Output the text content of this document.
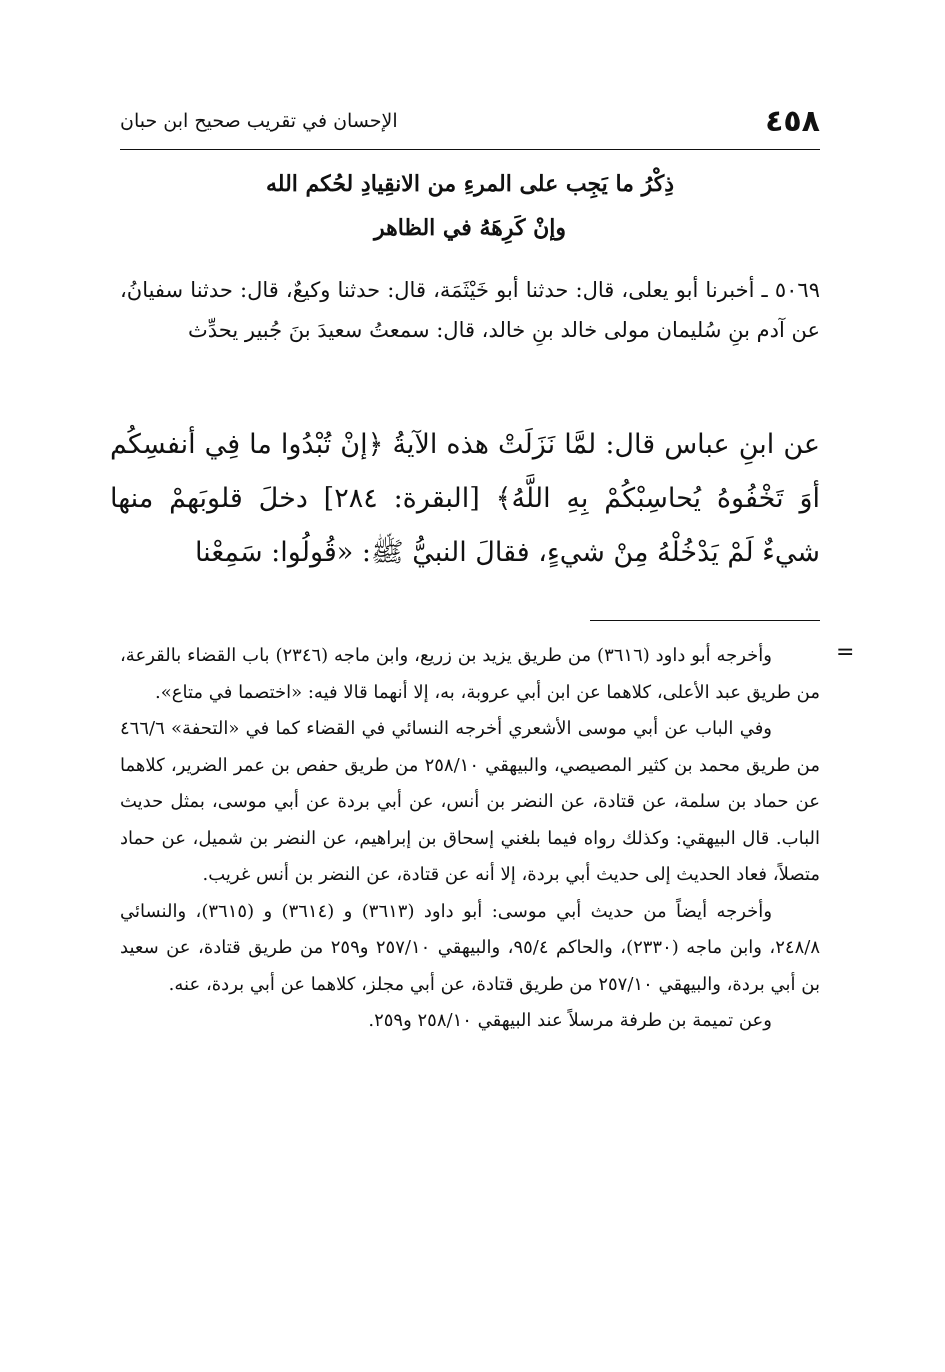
٤٥٨
الإحسان في تقريب صحيح ابن حبان
ذِكْرُ ما يَجِب على المرءِ من الانقِيادِ لحُكم الله
وإنْ كَرِهَهُ في الظاهر
٥٠٦٩ ـ أخبرنا أبو يعلى، قال: حدثنا أبو خَيْثَمَة، قال: حدثنا وكيعٌ، قال: حدثنا سفيانُ، عن آدم بنِ سُليمان مولى خالد بنِ خالد، قال: سمعتُ سعيدَ بنَ جُبير يحدِّث
عن ابنِ عباس قال: لمَّا نَزَلَتْ هذه الآيةُ ﴿إنْ تُبْدُوا ما فِي أنفسِكُم أوَ تَخْفُوهُ يُحاسِبْكُمْ بِهِ اللَّهُ﴾ [البقرة: ٢٨٤] دخلَ قلوبَهمْ منها شيءٌ لَمْ يَدْخُلْهُ مِنْ شيءٍ، فقالَ النبيُّ ﷺ: «قُولُوا: سَمِعْنا
=

وأخرجه أبو داود (٣٦١٦) من طريق يزيد بن زريع، وابن ماجه (٢٣٤٦) باب القضاء بالقرعة، من طريق عبد الأعلى، كلاهما عن ابن أبي عروبة، به، إلا أنهما قالا فيه: «اختصما في متاع».

وفي الباب عن أبي موسى الأشعري أخرجه النسائي في القضاء كما في «التحفة» ٤٦٦/٦ من طريق محمد بن كثير المصيصي، والبيهقي ٢٥٨/١٠ من طريق حفص بن عمر الضرير، كلاهما عن حماد بن سلمة، عن قتادة، عن النضر بن أنس، عن أبي بردة عن أبي موسى، بمثل حديث الباب. قال البيهقي: وكذلك رواه فيما بلغني إسحاق بن إبراهيم، عن النضر بن شميل، عن حماد متصلاً، فعاد الحديث إلى حديث أبي بردة، إلا أنه عن قتادة، عن النضر بن أنس غريب.

وأخرجه أيضاً من حديث أبي موسى: أبو داود (٣٦١٣) و (٣٦١٤) و (٣٦١٥)، والنسائي ٢٤٨/٨، وابن ماجه (٢٣٣٠)، والحاكم ٩٥/٤، والبيهقي ٢٥٧/١٠ و٢٥٩ من طريق قتادة، عن سعيد بن أبي بردة، والبيهقي ٢٥٧/١٠ من طريق قتادة، عن أبي مجلز، كلاهما عن أبي بردة، عنه.

وعن تميمة بن طرفة مرسلاً عند البيهقي ٢٥٨/١٠ و٢٥٩.
